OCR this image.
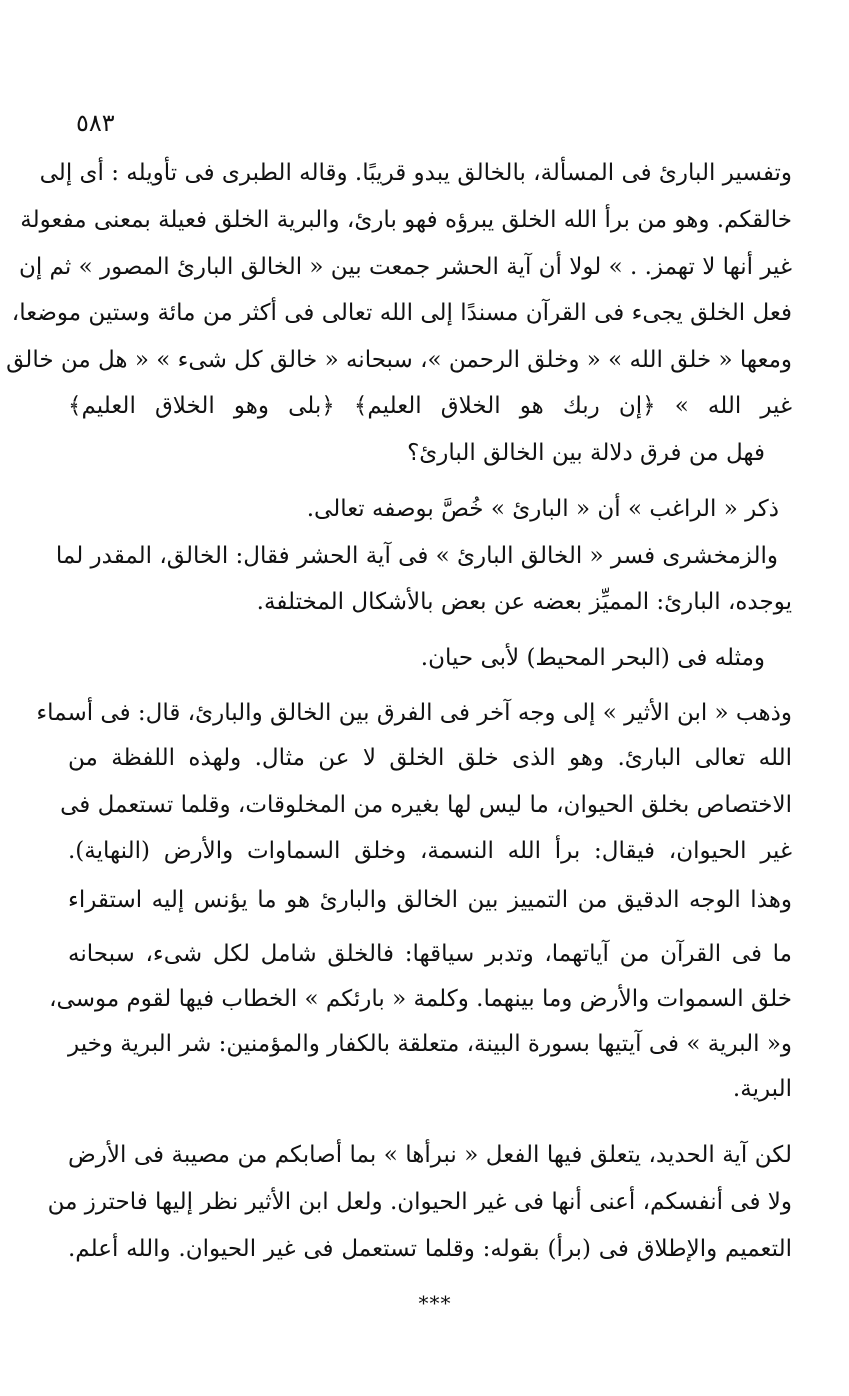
٥٨٣
وتفسير البارئ فى المسألة، بالخالق يبدو قريبًا. وقاله الطبرى فى تأويله : أى إلى
خالقكم. وهو من برأ الله الخلق يبرؤه فهو بارئ، والبرية الخلق فعيلة بمعنى مفعولة
غير أنها لا تهمز. . » لولا أن آية الحشر جمعت بين « الخالق البارئ المصور » ثم إن
فعل الخلق يجىء فى القرآن مسندًا إلى الله تعالى فى أكثر من مائة وستين موضعا،
ومعها « خلق الله » « وخلق الرحمن »، سبحانه « خالق كل شىء » « هل من خالق
غير الله » ﴿إن ربك هو الخلاق العليم﴾ ﴿بلى وهو الخلاق العليم﴾
فهل من فرق دلالة بين الخالق البارئ؟
ذكر « الراغب » أن « البارئ » خُصَّ بوصفه تعالى.
والزمخشرى فسر « الخالق البارئ » فى آية الحشر فقال: الخالق، المقدر لما
يوجده، البارئ: المميِّز بعضه عن بعض بالأشكال المختلفة.
ومثله فى (البحر المحيط) لأبى حيان.
وذهب « ابن الأثير » إلى وجه آخر فى الفرق بين الخالق والبارئ، قال: فى أسماء
الله تعالى البارئ. وهو الذى خلق الخلق لا عن مثال. ولهذه اللفظة من
الاختصاص بخلق الحيوان، ما ليس لها بغيره من المخلوقات، وقلما تستعمل فى
غير الحيوان، فيقال: برأ الله النسمة، وخلق السماوات والأرض (النهاية).
وهذا الوجه الدقيق من التمييز بين الخالق والبارئ هو ما يؤنس إليه استقراء
ما فى القرآن من آياتهما، وتدبر سياقها: فالخلق شامل لكل شىء، سبحانه
خلق السموات والأرض وما بينهما. وكلمة « بارئكم » الخطاب فيها لقوم موسى،
و« البرية » فى آيتيها بسورة البينة، متعلقة بالكفار والمؤمنين: شر البرية وخير
البرية.
لكن آية الحديد، يتعلق فيها الفعل « نبرأها » بما أصابكم من مصيبة فى الأرض
ولا فى أنفسكم، أعنى أنها فى غير الحيوان. ولعل ابن الأثير نظر إليها فاحترز من
التعميم والإطلاق فى (برأ) بقوله: وقلما تستعمل فى غير الحيوان. والله أعلم.
***
